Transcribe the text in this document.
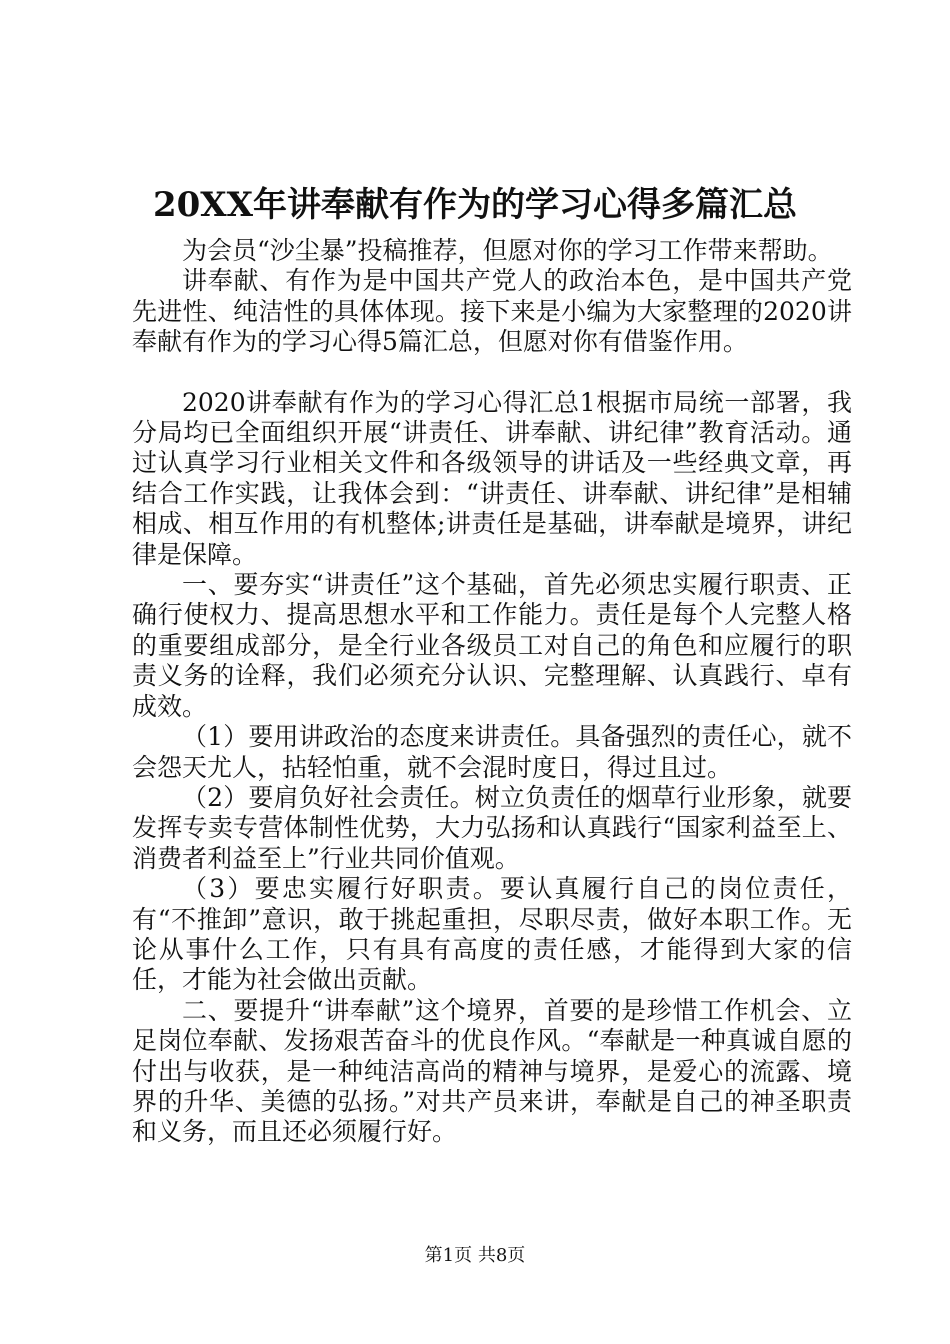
20XX年讲奉献有作为的学习心得多篇汇总

为会员“沙尘暴”投稿推荐，但愿对你的学习工作带来帮助。

讲奉献、有作为是中国共产党人的政治本色，是中国共产党先进性、纯洁性的具体体现。接下来是小编为大家整理的2020讲奉献有作为的学习心得5篇汇总，但愿对你有借鉴作用。

2020讲奉献有作为的学习心得汇总1根据市局统一部署，我分局均已全面组织开展“讲责任、讲奉献、讲纪律”教育活动。通过认真学习行业相关文件和各级领导的讲话及一些经典文章，再结合工作实践，让我体会到：“讲责任、讲奉献、讲纪律”是相辅相成、相互作用的有机整体;讲责任是基础，讲奉献是境界，讲纪律是保障。

一、要夯实“讲责任”这个基础，首先必须忠实履行职责、正确行使权力、提高思想水平和工作能力。责任是每个人完整人格的重要组成部分，是全行业各级员工对自己的角色和应履行的职责义务的诠释，我们必须充分认识、完整理解、认真践行、卓有成效。

（1）要用讲政治的态度来讲责任。具备强烈的责任心，就不会怨天尤人，拈轻怕重，就不会混时度日，得过且过。

（2）要肩负好社会责任。树立负责任的烟草行业形象，就要发挥专卖专营体制性优势，大力弘扬和认真践行“国家利益至上、消费者利益至上”行业共同价值观。

（3）要忠实履行好职责。要认真履行自己的岗位责任，有“不推卸”意识，敢于挑起重担，尽职尽责，做好本职工作。无论从事什么工作，只有具有高度的责任感，才能得到大家的信任，才能为社会做出贡献。

二、要提升“讲奉献”这个境界，首要的是珍惜工作机会、立足岗位奉献、发扬艰苦奋斗的优良作风。“奉献是一种真诚自愿的付出与收获，是一种纯洁高尚的精神与境界，是爱心的流露、境界的升华、美德的弘扬。”对共产员来讲，奉献是自己的神圣职责和义务，而且还必须履行好。

第1页 共8页
